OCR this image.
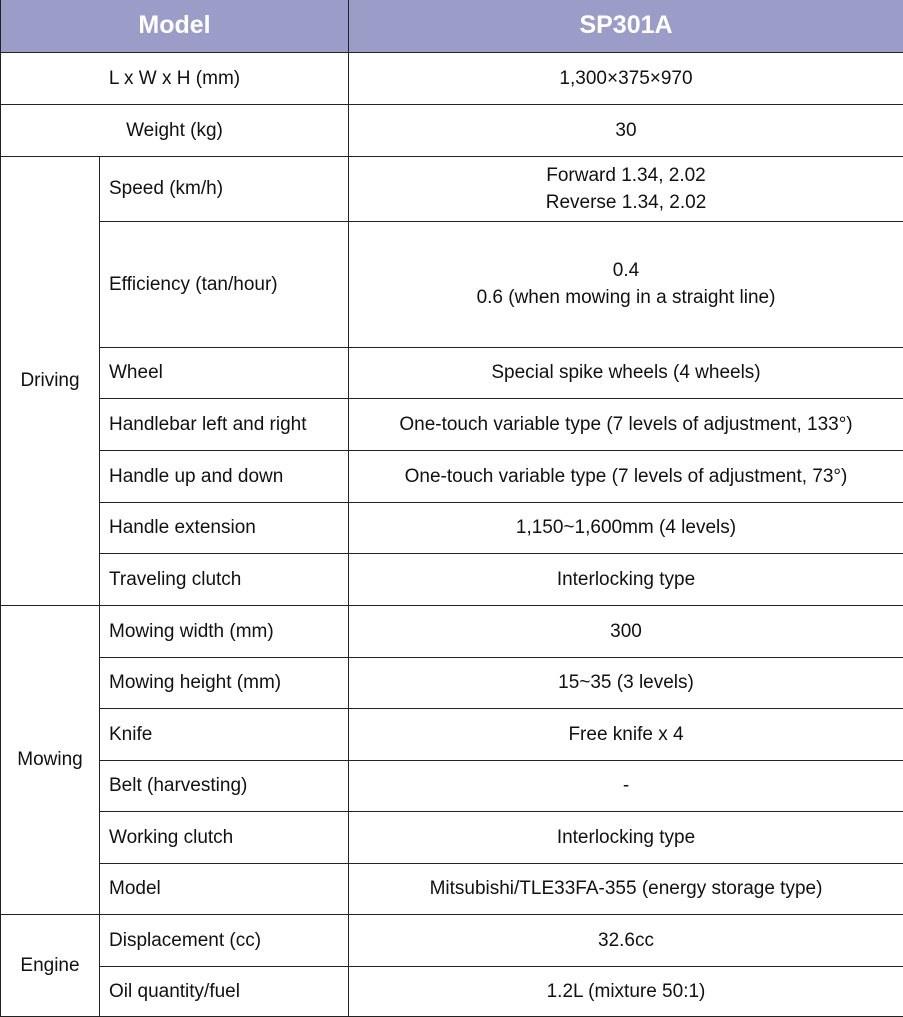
Model		SP301A
L x W x H (mm)		1,300×375×970
Weight (kg)		30
Driving	Speed (km/h)	Forward 1.34, 2.02
Reverse 1.34, 2.02

	Efficiency (tan/hour)	0.4
0.6 (when mowing in a straight line)

	Wheel	Special spike wheels (4 wheels)
	Handlebar left and right	One-touch variable type (7 levels of adjustment, 133°)
	Handle up and down	One-touch variable type (7 levels of adjustment, 73°)
	Handle extension	1,150~1,600mm (4 levels)
	Traveling clutch	Interlocking type
Mowing	Mowing width (mm)	300
	Mowing height (mm)	15~35 (3 levels)
	Knife	Free knife x 4
	Belt (harvesting)	-
	Working clutch	Interlocking type
	Model	Mitsubishi/TLE33FA-355 (energy storage type)
Engine	Displacement (cc)	32.6cc
	Oil quantity/fuel	1.2L (mixture 50:1)
